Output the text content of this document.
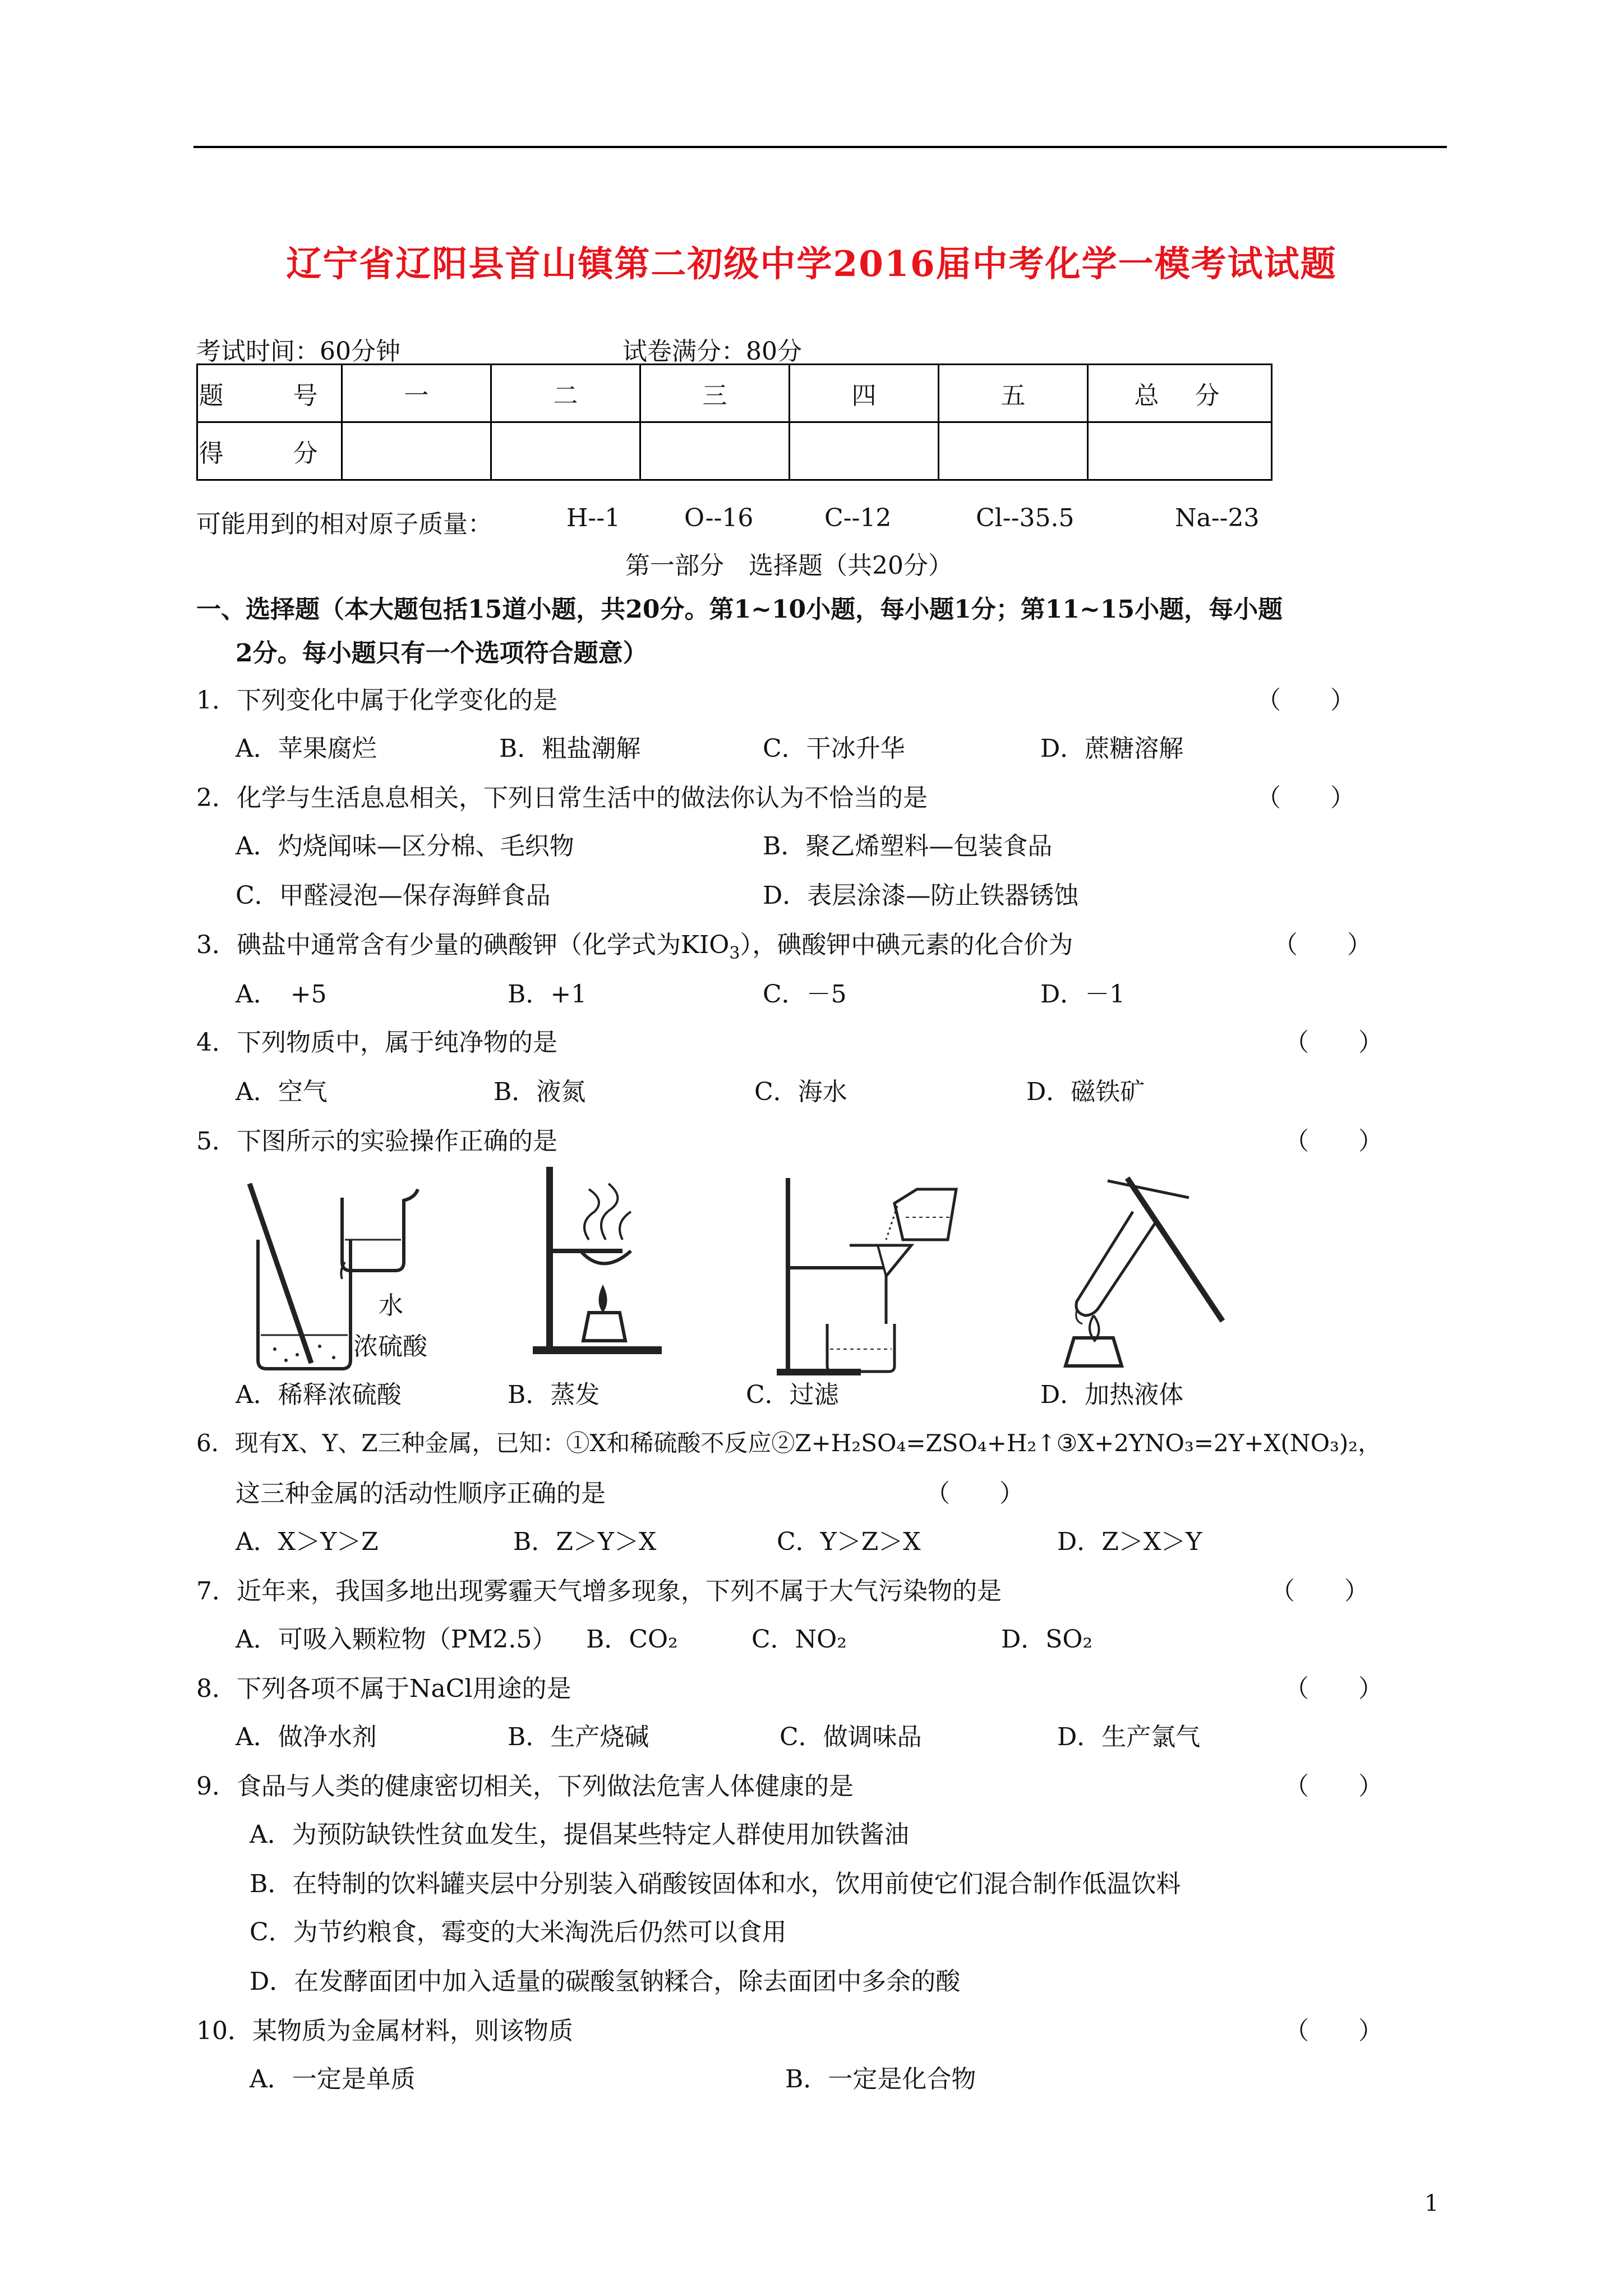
辽宁省辽阳县首山镇第二初级中学2016届中考化学一模考试试题
考试时间：60分钟	试卷满分：80分
题　号	一	二	三	四	五	总　分
得　分						
可能用到的相对原子质量：	H--1	O--16	C--12	Cl--35.5	Na--23
第一部分　选择题（共20分）
一、选择题（本大题包括15道小题，共20分。第1~10小题，每小题1分；第11~15小题，每小题
2分。每小题只有一个选项符合题意）
1．下列变化中属于化学变化的是	（　　）
A．苹果腐烂	B．粗盐潮解	C．干冰升华	D．蔗糖溶解
2．化学与生活息息相关，下列日常生活中的做法你认为不恰当的是	（　　）
A．灼烧闻味—区分棉、毛织物	B．聚乙烯塑料—包装食品
C．甲醛浸泡—保存海鲜食品	D．表层涂漆—防止铁器锈蚀
3．碘盐中通常含有少量的碘酸钾（化学式为$KIO_3$），碘酸钾中碘元素的化合价为	（　　）
A．　+5	B．+1	C．－5	D．－1
4．下列物质中，属于纯净物的是	（　　）
A．空气	B．液氮	C．海水	D．磁铁矿
5．下图所示的实验操作正确的是	（　　）
水
浓硫酸
A．稀释浓硫酸	B．蒸发	C．过滤	D．加热液体
6．现有X、Y、Z三种金属，已知：①X和稀硫酸不反应②Z+H₂SO₄=ZSO₄+H₂↑③X+2YNO₃=2Y+X(NO₃)₂，
这三种金属的活动性顺序正确的是	（　　）
A．X＞Y＞Z	B．Z＞Y＞X	C．Y＞Z＞X	D．Z＞X＞Y
7．近年来，我国多地出现雾霾天气增多现象，下列不属于大气污染物的是	（　　）
A．可吸入颗粒物（PM2.5） B．CO₂	C．NO₂	D．SO₂
8．下列各项不属于NaCl用途的是	（　　）
A．做净水剂	B．生产烧碱	C．做调味品	D．生产氯气
9．食品与人类的健康密切相关，下列做法危害人体健康的是	（　　）
A．为预防缺铁性贫血发生，提倡某些特定人群使用加铁酱油
B．在特制的饮料罐夹层中分别装入硝酸铵固体和水，饮用前使它们混合制作低温饮料
C．为节约粮食，霉变的大米淘洗后仍然可以食用
D．在发酵面团中加入适量的碳酸氢钠糅合，除去面团中多余的酸
10．某物质为金属材料，则该物质	（　　）
A．一定是单质	B．一定是化合物
1
